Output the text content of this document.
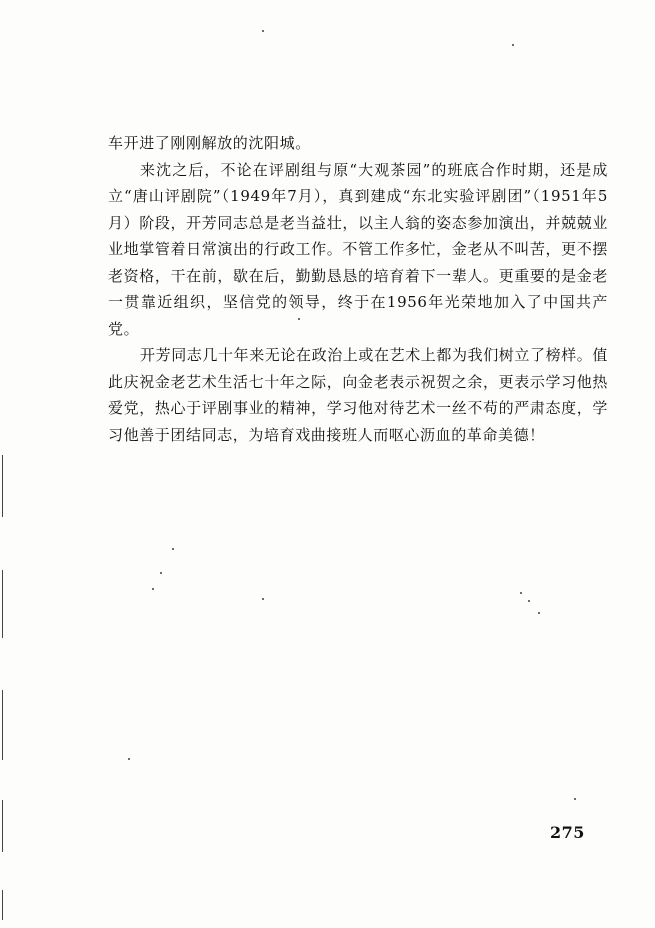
车开进了刚刚解放的沈阳城。

来沈之后，不论在评剧组与原“大观茶园”的班底合作时期，还是成立“唐山评剧院”（1949年7月），真到建成“东北实验评剧团”（1951年5月）阶段，开芳同志总是老当益壮，以主人翁的姿态参加演出，并兢兢业业地掌管着日常演出的行政工作。不管工作多忙，金老从不叫苦，更不摆老资格，干在前，歇在后，勤勤恳恳的培育着下一辈人。更重要的是金老一贯靠近组织，坚信党的领导，终于在1956年光荣地加入了中国共产党。

开芳同志几十年来无论在政治上或在艺术上都为我们树立了榜样。值此庆祝金老艺术生活七十年之际，向金老表示祝贺之余，更表示学习他热爱党，热心于评剧事业的精神，学习他对待艺术一丝不苟的严肃态度，学习他善于团结同志，为培育戏曲接班人而呕心沥血的革命美德！

275
